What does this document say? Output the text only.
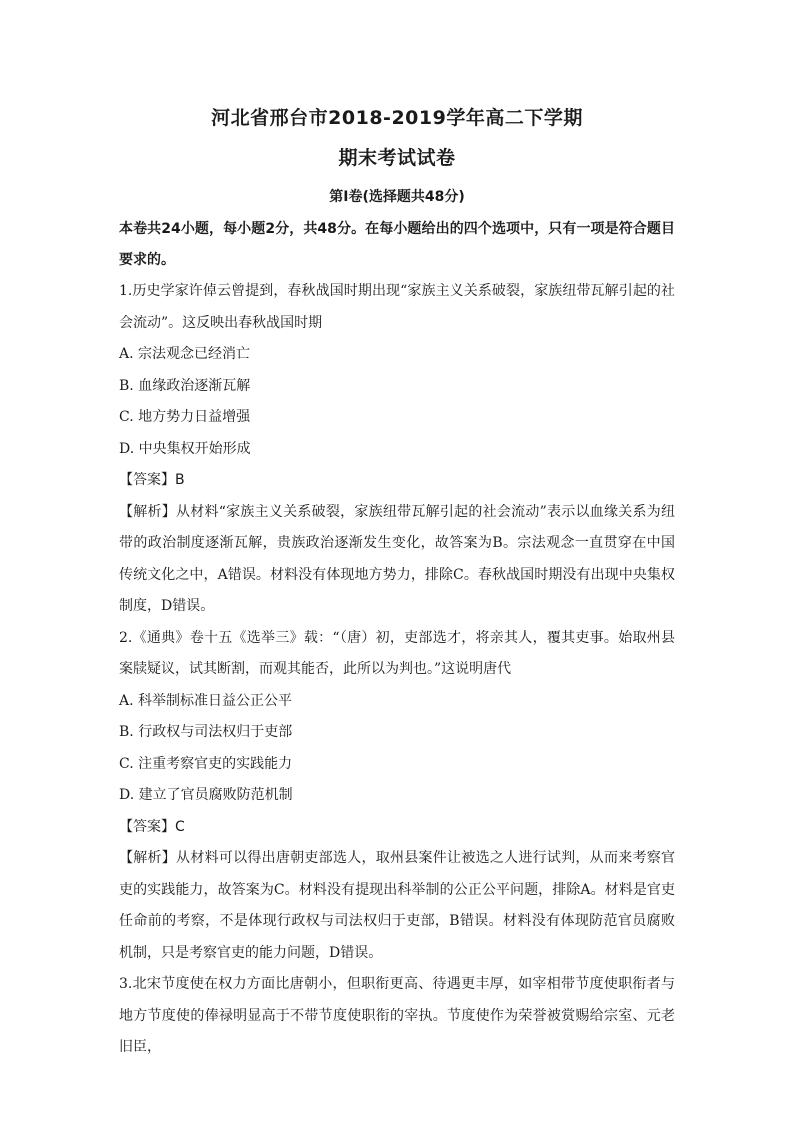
河北省邢台市2018-2019学年高二下学期
期末考试试卷
第Ⅰ卷(选择题共48分)
本卷共24小题，每小题2分，共48分。在每小题给出的四个选项中，只有一项是符合题目要求的。
1.历史学家许倬云曾提到，春秋战国时期出现“家族主义关系破裂，家族纽带瓦解引起的社会流动”。这反映出春秋战国时期
A. 宗法观念已经消亡
B. 血缘政治逐渐瓦解
C. 地方势力日益增强
D. 中央集权开始形成
【答案】B
【解析】从材料“家族主义关系破裂，家族纽带瓦解引起的社会流动”表示以血缘关系为纽带的政治制度逐渐瓦解，贵族政治逐渐发生变化，故答案为B。宗法观念一直贯穿在中国传统文化之中，A错误。材料没有体现地方势力，排除C。春秋战国时期没有出现中央集权制度，D错误。
2.《通典》卷十五《选举三》载：“（唐）初，吏部选才，将亲其人，覆其吏事。始取州县案牍疑议，试其断割，而观其能否，此所以为判也。”这说明唐代
A. 科举制标准日益公正公平
B. 行政权与司法权归于吏部
C. 注重考察官吏的实践能力
D. 建立了官员腐败防范机制
【答案】C
【解析】从材料可以得出唐朝吏部选人，取州县案件让被选之人进行试判，从而来考察官吏的实践能力，故答案为C。材料没有提现出科举制的公正公平问题，排除A。材料是官吏任命前的考察，不是体现行政权与司法权归于吏部，B错误。材料没有体现防范官员腐败机制，只是考察官吏的能力问题，D错误。
3.北宋节度使在权力方面比唐朝小，但职衔更高、待遇更丰厚，如宰相带节度使职衔者与地方节度使的俸禄明显高于不带节度使职衔的宰执。节度使作为荣誉被赏赐给宗室、元老旧臣，
